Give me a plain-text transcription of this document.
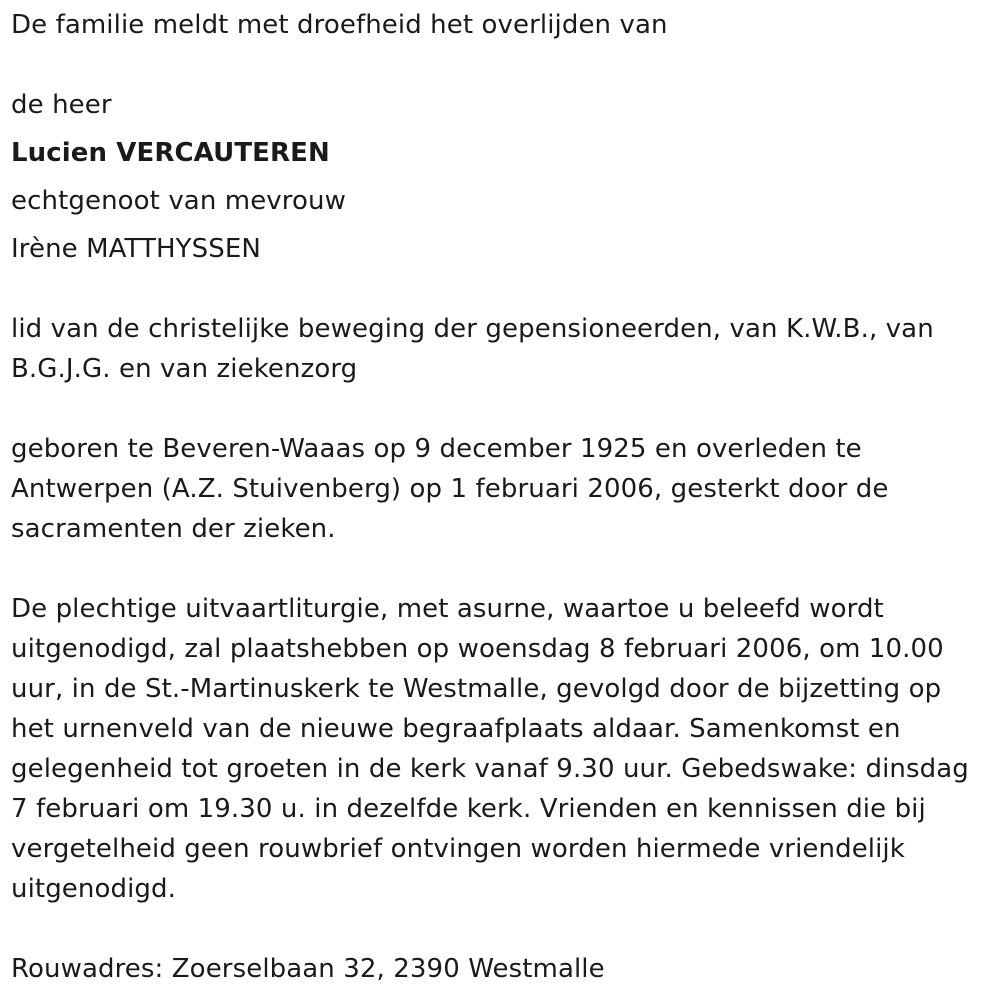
De familie meldt met droefheid het overlijden van
de heer
Lucien VERCAUTEREN
echtgenoot van mevrouw
Irène MATTHYSSEN
lid van de christelijke beweging der gepensioneerden, van K.W.B., van
B.G.J.G. en van ziekenzorg
geboren te Beveren-Waaas op 9 december 1925 en overleden te
Antwerpen (A.Z. Stuivenberg) op 1 februari 2006, gesterkt door de
sacramenten der zieken.
De plechtige uitvaartliturgie, met asurne, waartoe u beleefd wordt
uitgenodigd, zal plaatshebben op woensdag 8 februari 2006, om 10.00
uur, in de St.-Martinuskerk te Westmalle, gevolgd door de bijzetting op
het urnenveld van de nieuwe begraafplaats aldaar. Samenkomst en
gelegenheid tot groeten in de kerk vanaf 9.30 uur. Gebedswake: dinsdag
7 februari om 19.30 u. in dezelfde kerk. Vrienden en kennissen die bij
vergetelheid geen rouwbrief ontvingen worden hiermede vriendelijk
uitgenodigd.
Rouwadres: Zoerselbaan 32, 2390 Westmalle
